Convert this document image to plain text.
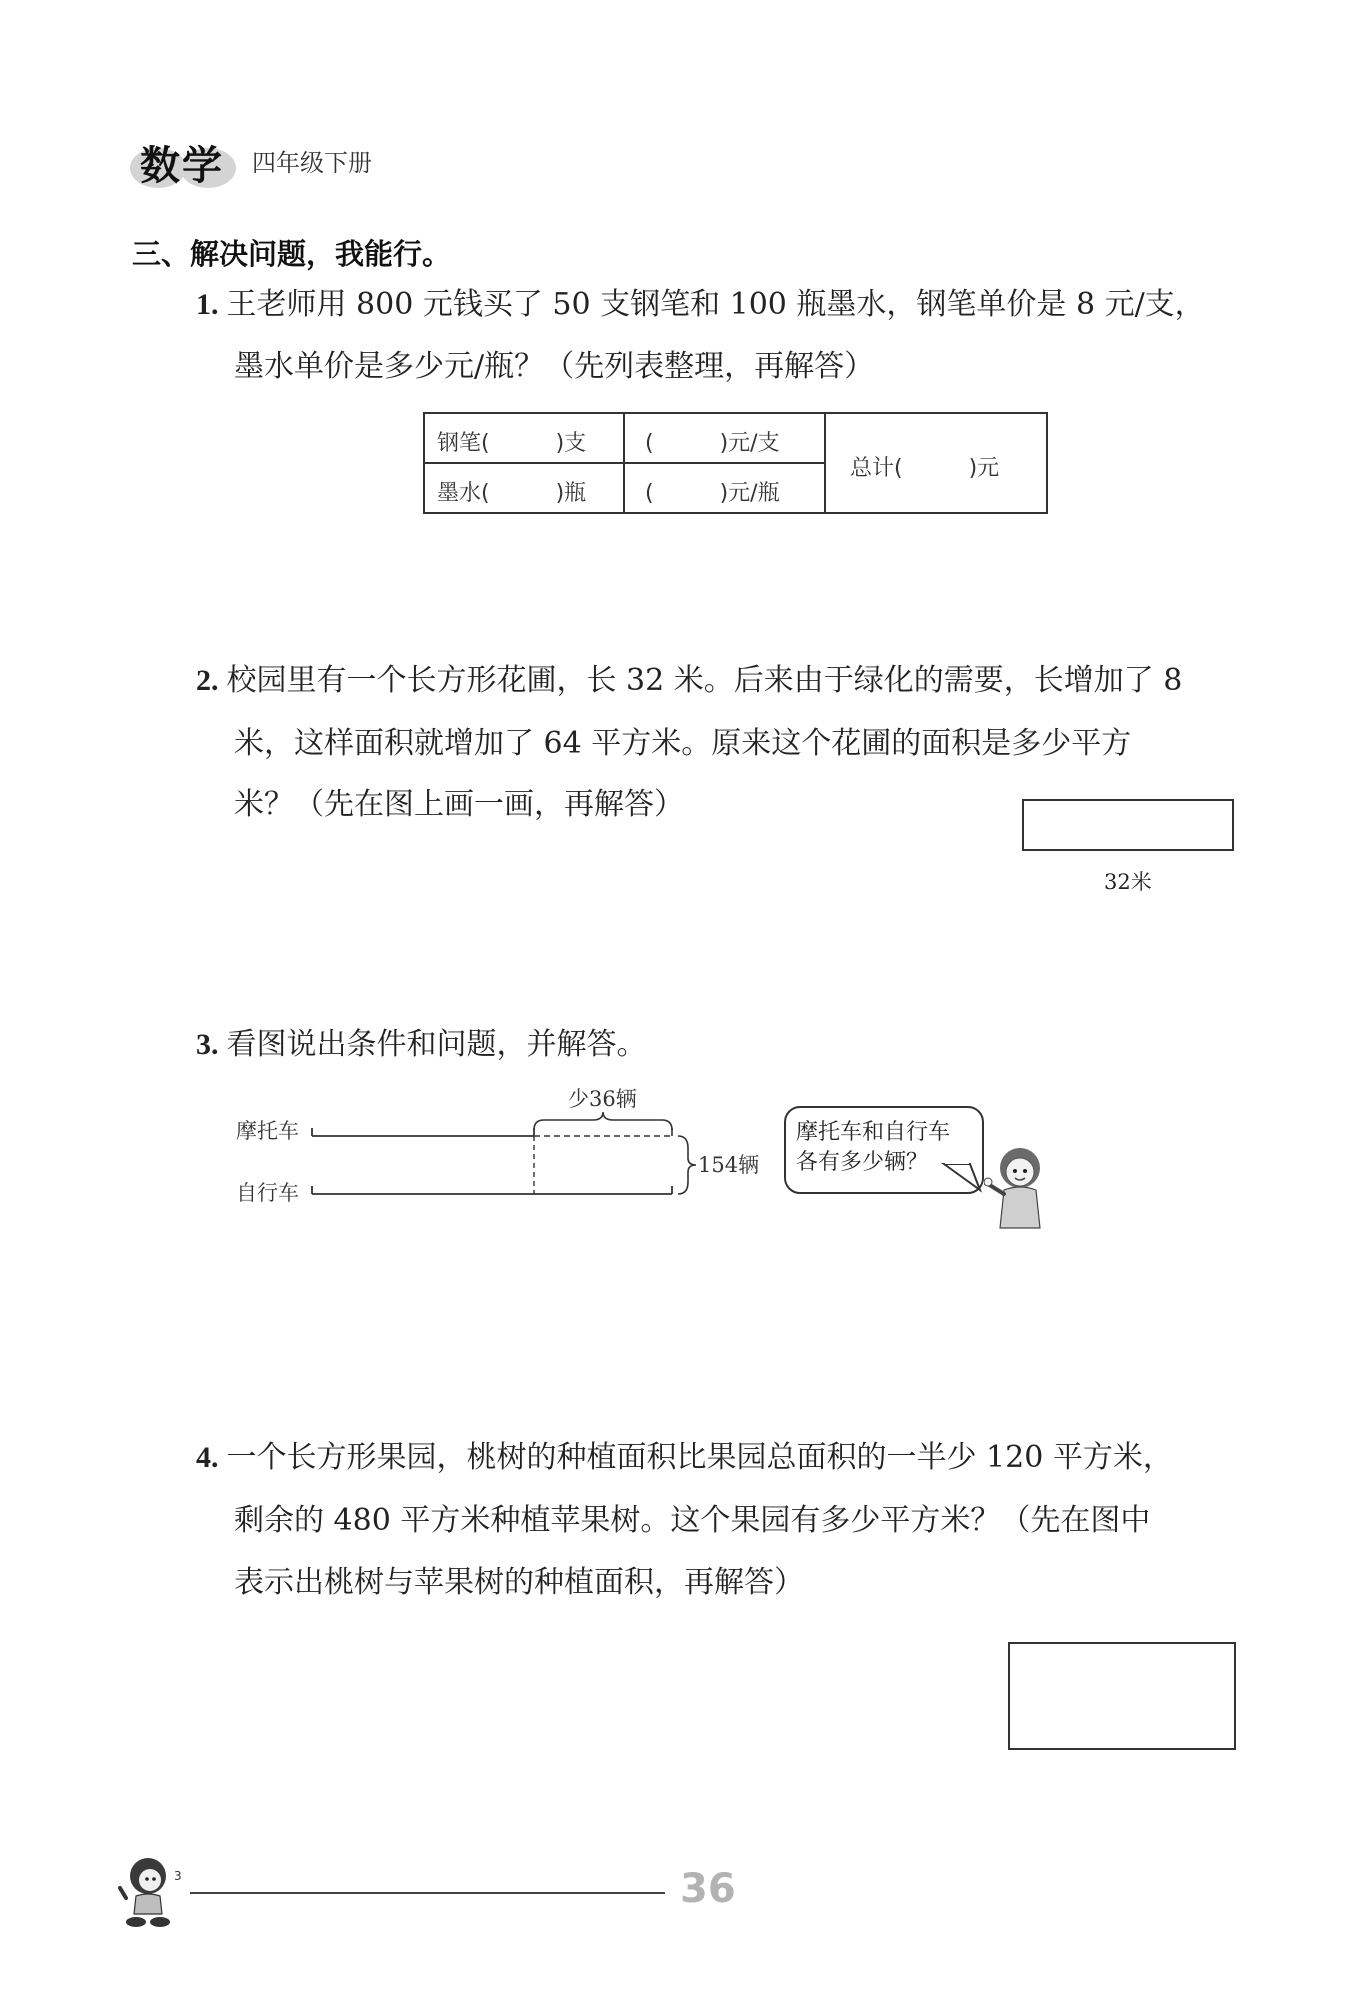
数学 四年级下册
三、解决问题，我能行。
1. 王老师用 800 元钱买了 50 支钢笔和 100 瓶墨水，钢笔单价是 8 元/支，
墨水单价是多少元/瓶？（先列表整理，再解答）
钢笔(　　　)支	(　　　)元/支
墨水(　　　)瓶	(　　　)元/瓶
总计(　　　)元
2. 校园里有一个长方形花圃，长 32 米。后来由于绿化的需要，长增加了 8
米，这样面积就增加了 64 平方米。原来这个花圃的面积是多少平方
米？（先在图上画一画，再解答）
32米
3. 看图说出条件和问题，并解答。
摩托车
自行车
少36辆
154辆
摩托车和自行车
各有多少辆？
4. 一个长方形果园，桃树的种植面积比果园总面积的一半少 120 平方米，
剩余的 480 平方米种植苹果树。这个果园有多少平方米？（先在图中
表示出桃树与苹果树的种植面积，再解答）
3	36
